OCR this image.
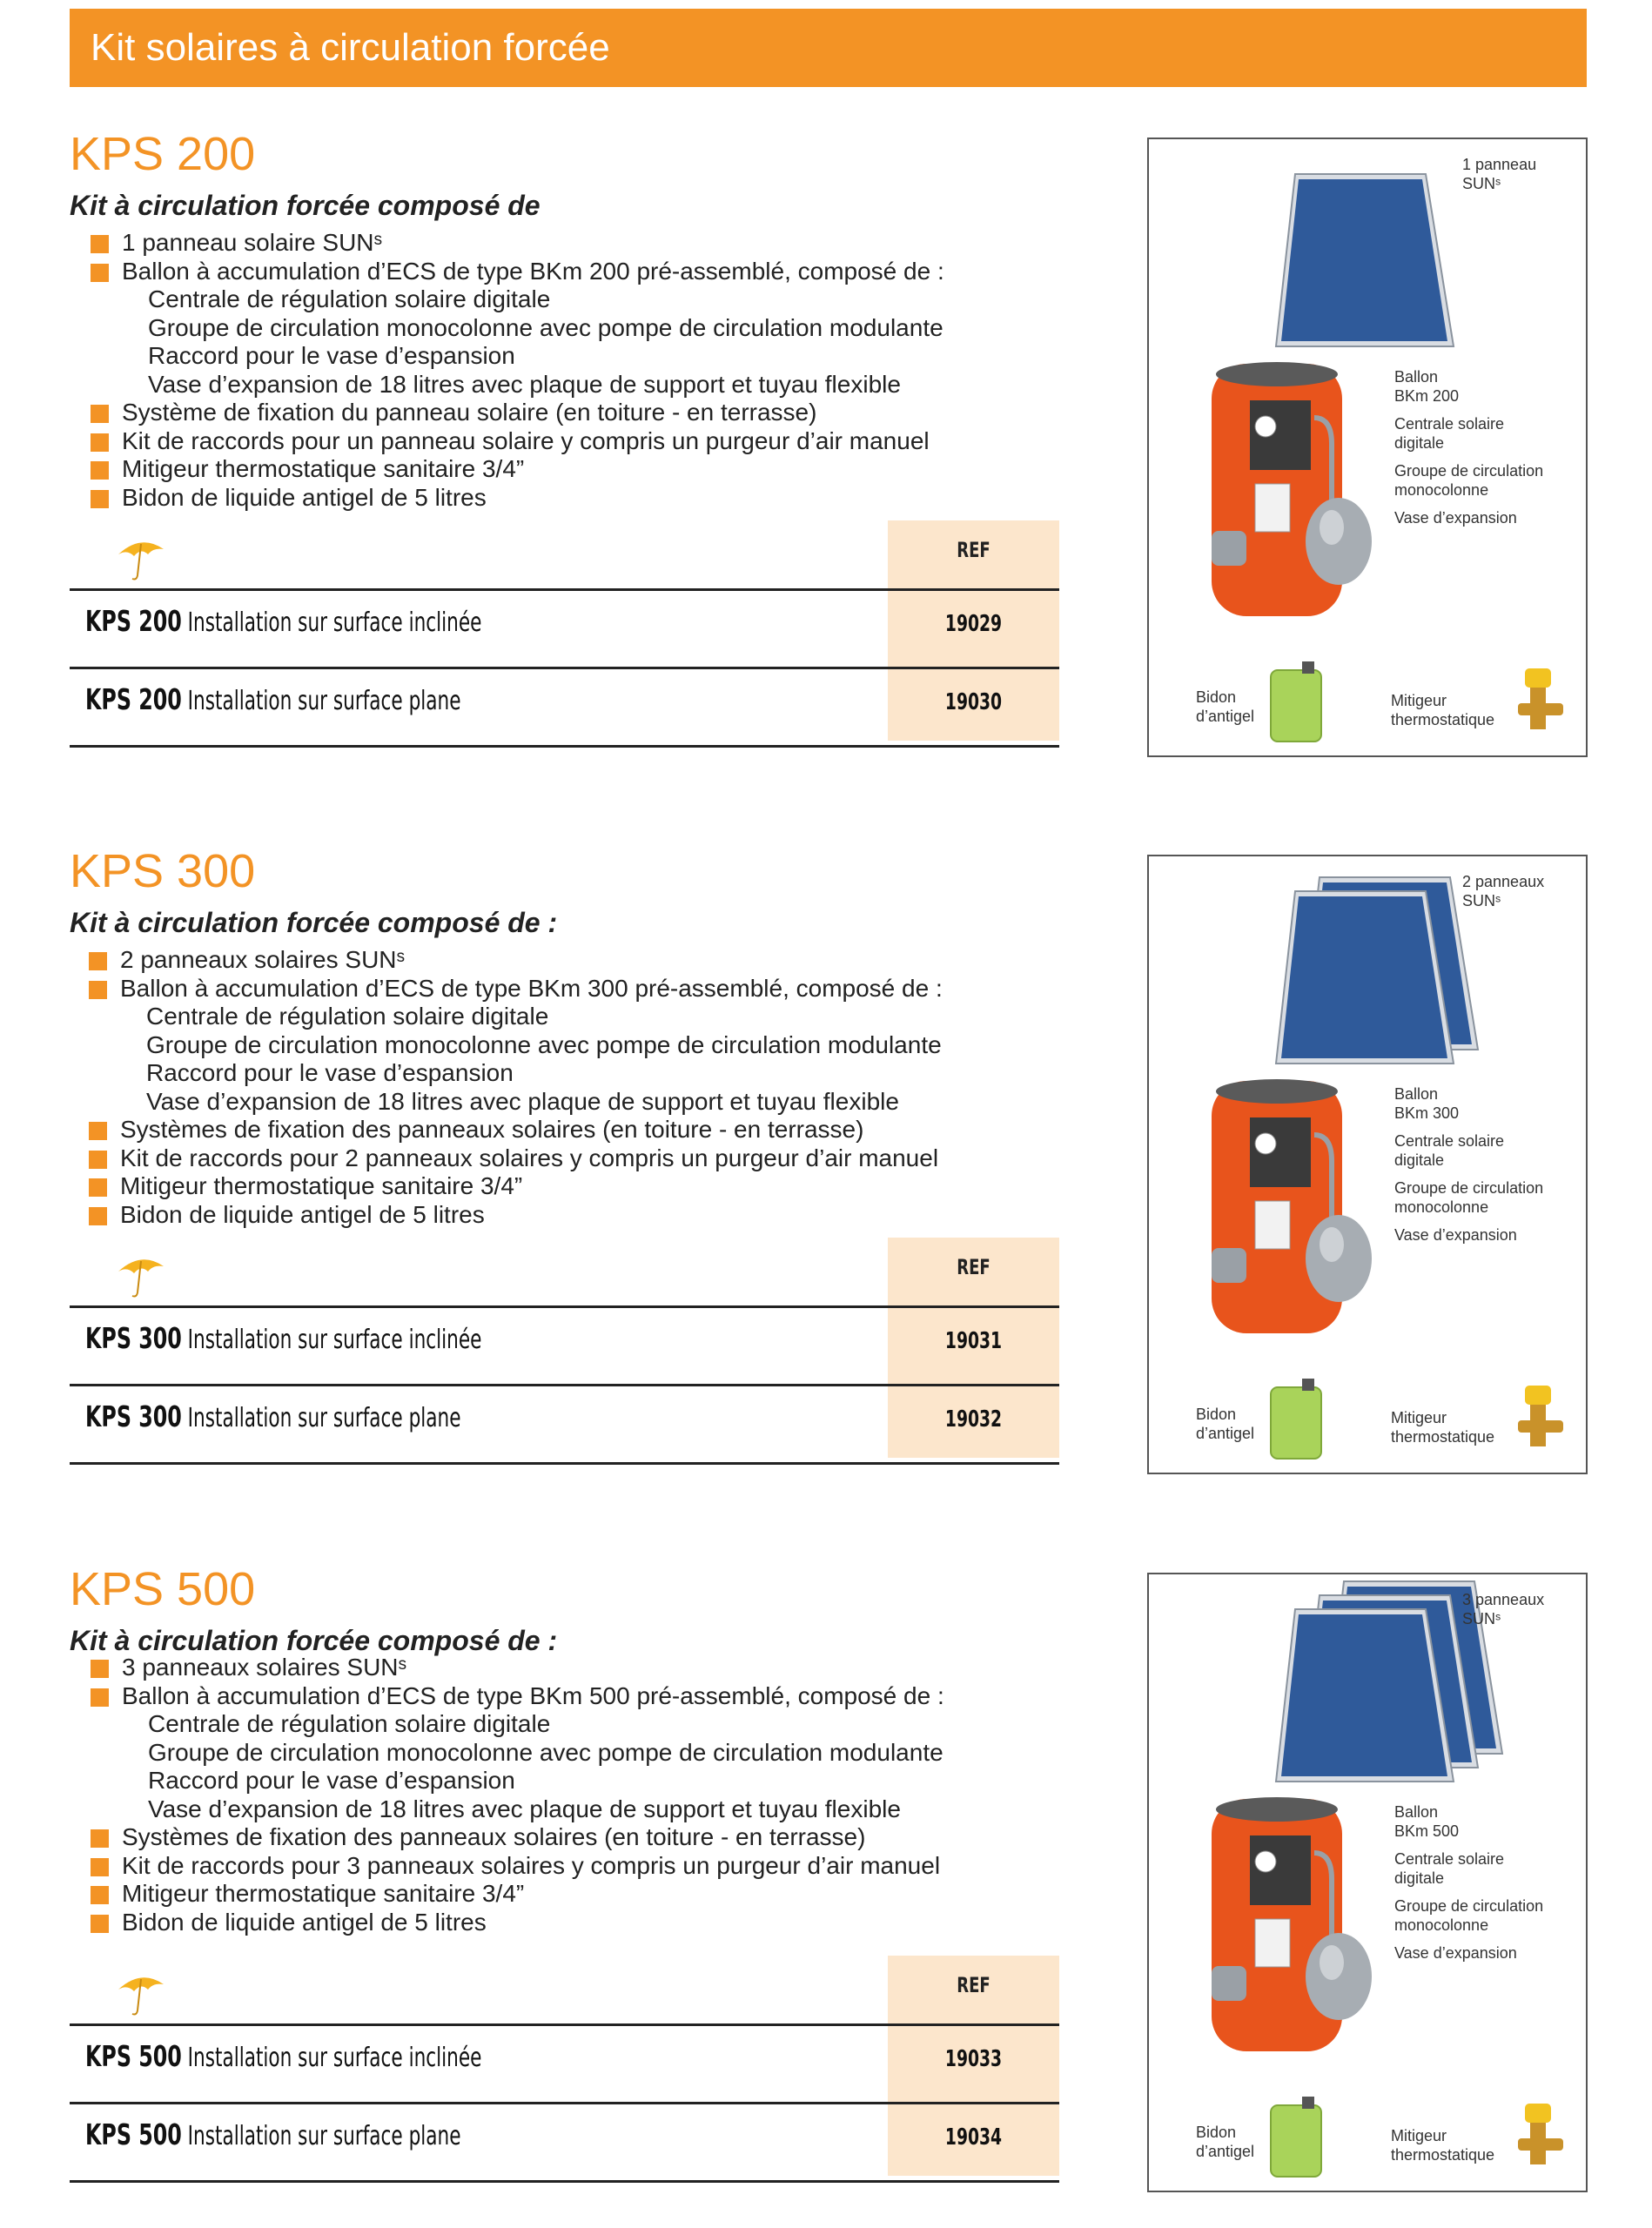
Kit solaires à circulation forcée
KPS 200
Kit à circulation forcée composé de
1 panneau solaire SUNˢ
Ballon à accumulation d’ECS de type BKm 200 pré-assemblé, composé de :
Centrale de régulation solaire digitale
Groupe de circulation monocolonne avec pompe de circulation modulante
Raccord pour le vase d’espansion
Vase d’expansion de 18 litres avec plaque de support et tuyau flexible
Système de fixation du panneau solaire (en toiture - en terrasse)
Kit de raccords pour un panneau solaire y compris un purgeur d’air manuel
Mitigeur thermostatique sanitaire 3/4”
Bidon de liquide antigel de 5 litres
REF
KPS 200 Installation sur surface inclinée	19029
KPS 200 Installation sur surface plane	19030
1 panneau
SUNˢ
Ballon
BKm 200
Centrale solaire
digitale
Groupe de circulation
monocolonne
Vase d’expansion
Bidon
d’antigel
Mitigeur
thermostatique
KPS 300
Kit à circulation forcée composé de :
2 panneaux solaires SUNˢ
Ballon à accumulation d’ECS de type BKm 300 pré-assemblé, composé de :
Centrale de régulation solaire digitale
Groupe de circulation monocolonne avec pompe de circulation modulante
Raccord pour le vase d’espansion
Vase d’expansion de 18 litres avec plaque de support et tuyau flexible
Systèmes de fixation des panneaux solaires (en toiture - en terrasse)
Kit de raccords pour 2 panneaux solaires y compris un purgeur d’air manuel
Mitigeur thermostatique sanitaire 3/4”
Bidon de liquide antigel de 5 litres
REF
KPS 300 Installation sur surface inclinée	19031
KPS 300 Installation sur surface plane	19032
2 panneaux
SUNˢ
Ballon
BKm 300
Centrale solaire
digitale
Groupe de circulation
monocolonne
Vase d’expansion
Bidon
d’antigel
Mitigeur
thermostatique
KPS 500
Kit à circulation forcée composé de :
3 panneaux solaires SUNˢ
Ballon à accumulation d’ECS de type BKm 500 pré-assemblé, composé de :
Centrale de régulation solaire digitale
Groupe de circulation monocolonne avec pompe de circulation modulante
Raccord pour le vase d’espansion
Vase d’expansion de 18 litres avec plaque de support et tuyau flexible
Systèmes de fixation des panneaux solaires (en toiture - en terrasse)
Kit de raccords pour 3 panneaux solaires y compris un purgeur d’air manuel
Mitigeur thermostatique sanitaire 3/4”
Bidon de liquide antigel de 5 litres
REF
KPS 500 Installation sur surface inclinée	19033
KPS 500 Installation sur surface plane	19034
3 panneaux
SUNˢ
Ballon
BKm 500
Centrale solaire
digitale
Groupe de circulation
monocolonne
Vase d’expansion
Bidon
d’antigel
Mitigeur
thermostatique
